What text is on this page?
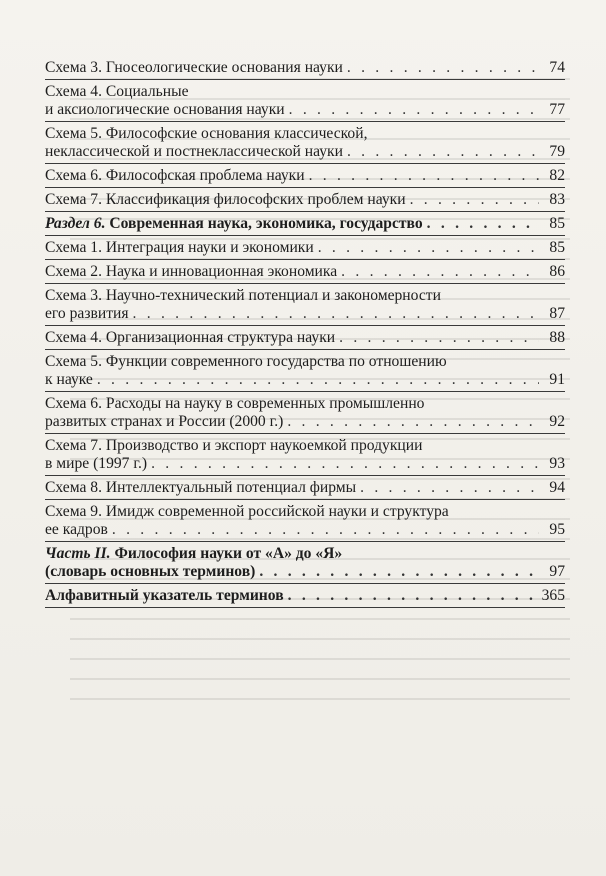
Схема 3. Гносеологические основания науки . . .	74
Схема 4. Социальные
и аксиологические основания науки . . .	77
Схема 5. Философские основания классической,
неклассической и постнеклассической науки . . .	79
Схема 6. Философская проблема науки . . .	82
Схема 7. Классификация философских проблем науки . . .	83
Раздел 6. Современная наука, экономика, государство . . .	85
Схема 1. Интеграция науки и экономики . . .	85
Схема 2. Наука и инновационная экономика . . .	86
Схема 3. Научно-технический потенциал и закономерности
его развития . . .	87
Схема 4. Организационная структура науки . . .	88
Схема 5. Функции современного государства по отношению
к науке . . .	91
Схема 6. Расходы на науку в современных промышленно
развитых странах и России (2000 г.) . . .	92
Схема 7. Производство и экспорт наукоемкой продукции
в мире (1997 г.) . . .	93
Схема 8. Интеллектуальный потенциал фирмы . . .	94
Схема 9. Имидж современной российской науки и структура
ее кадров . . .	95
Часть II. Философия науки от «А» до «Я»
(словарь основных терминов) . . .	97
Алфавитный указатель терминов . . .	365
